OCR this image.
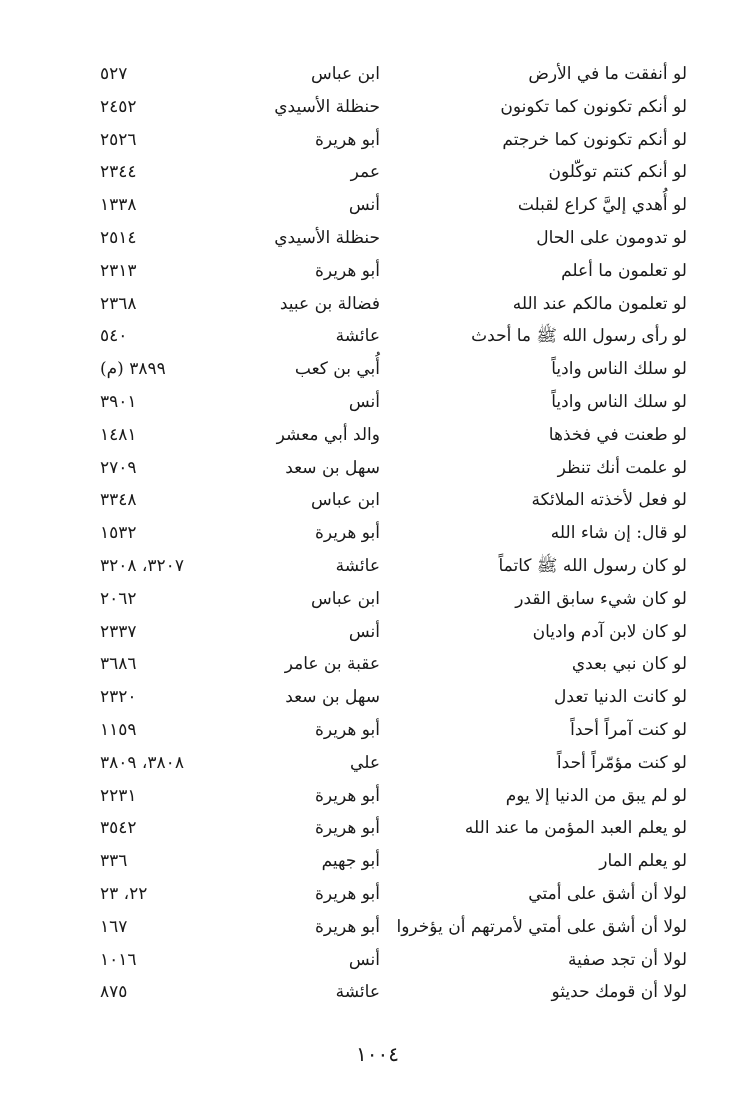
لو أنفقت ما في الأرض
ابن عباس
٥٢٧
لو أنكم تكونون كما تكونون
حنظلة الأسيدي
٢٤٥٢
لو أنكم تكونون كما خرجتم
أبو هريرة
٢٥٢٦
لو أنكم كنتم توكّلون
عمر
٢٣٤٤
لو أُهدي إليَّ كراع لقبلت
أنس
١٣٣٨
لو تدومون على الحال
حنظلة الأسيدي
٢٥١٤
لو تعلمون ما أعلم
أبو هريرة
٢٣١٣
لو تعلمون مالكم عند الله
فضالة بن عبيد
٢٣٦٨
لو رأى رسول الله ﷺ ما أحدث
عائشة
٥٤٠
لو سلك الناس وادياً
أُبي بن كعب
٣٨٩٩ (م)
لو سلك الناس وادياً
أنس
٣٩٠١
لو طعنت في فخذها
والد أبي معشر
١٤٨١
لو علمت أنك تنظر
سهل بن سعد
٢٧٠٩
لو فعل لأخذته الملائكة
ابن عباس
٣٣٤٨
لو قال: إن شاء الله
أبو هريرة
١٥٣٢
لو كان رسول الله ﷺ كاتماً
عائشة
٣٢٠٧، ٣٢٠٨
لو كان شيء سابق القدر
ابن عباس
٢٠٦٢
لو كان لابن آدم واديان
أنس
٢٣٣٧
لو كان نبي بعدي
عقبة بن عامر
٣٦٨٦
لو كانت الدنيا تعدل
سهل بن سعد
٢٣٢٠
لو كنت آمراً أحداً
أبو هريرة
١١٥٩
لو كنت مؤمّراً أحداً
علي
٣٨٠٨، ٣٨٠٩
لو لم يبق من الدنيا إلا يوم
أبو هريرة
٢٢٣١
لو يعلم العبد المؤمن ما عند الله
أبو هريرة
٣٥٤٢
لو يعلم المار
أبو جهيم
٣٣٦
لولا أن أشق على أمتي
أبو هريرة
٢٢، ٢٣
لولا أن أشق على أمتي لأمرتهم أن يؤخروا
أبو هريرة
١٦٧
لولا أن تجد صفية
أنس
١٠١٦
لولا أن قومك حديثو
عائشة
٨٧٥
١٠٠٤
